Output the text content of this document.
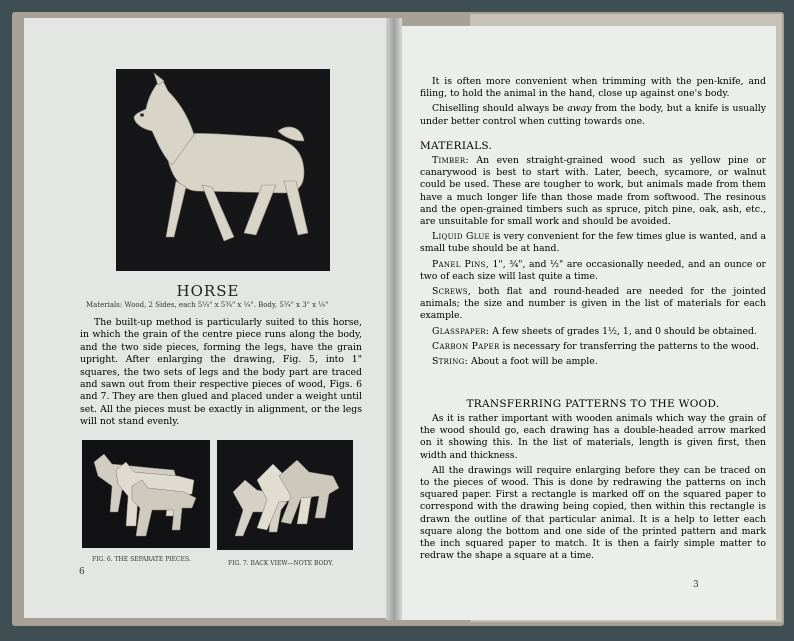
HORSE
Materials: Wood, 2 Sides, each 5¼" x 5¾" x ¼". Body, 5¾" x 3" x ¼"

The built-up method is particularly suited to this horse, in which the grain of the centre piece runs along the body, and the two side pieces, forming the legs, have the grain upright. After enlarging the drawing, Fig. 5, into 1" squares, the two sets of legs and the body part are traced and sawn out from their respective pieces of wood, Figs. 6 and 7. They are then glued and placed under a weight until set. All the pieces must be exactly in alignment, or the legs will not stand evenly.

FIG. 6. THE SEPARATE PIECES.
FIG. 7. BACK VIEW—NOTE BODY.
6

It is often more convenient when trimming with the pen-knife, and filing, to hold the animal in the hand, close up against one's body.

Chiselling should always be away from the body, but a knife is usually under better control when cutting towards one.

MATERIALS.

Timber: An even straight-grained wood such as yellow pine or canarywood is best to start with. Later, beech, sycamore, or walnut could be used. These are tougher to work, but animals made from them have a much longer life than those made from softwood. The resinous and the open-grained timbers such as spruce, pitch pine, oak, ash, etc., are unsuitable for small work and should be avoided.

Liquid Glue is very convenient for the few times glue is wanted, and a small tube should be at hand.

Panel Pins, 1", ¾", and ½" are occasionally needed, and an ounce or two of each size will last quite a time.

Screws, both flat and round-headed are needed for the jointed animals; the size and number is given in the list of materials for each example.

Glasspaper: A few sheets of grades 1½, 1, and 0 should be obtained.

Carbon Paper is necessary for transferring the patterns to the wood.

String: About a foot will be ample.

TRANSFERRING PATTERNS TO THE WOOD.

As it is rather important with wooden animals which way the grain of the wood should go, each drawing has a double-headed arrow marked on it showing this. In the list of materials, length is given first, then width and thickness.

All the drawings will require enlarging before they can be traced on to the pieces of wood. This is done by redrawing the patterns on inch squared paper. First a rectangle is marked off on the squared paper to correspond with the drawing being copied, then within this rectangle is drawn the outline of that particular animal. It is a help to letter each square along the bottom and one side of the printed pattern and mark the inch squared paper to match. It is then a fairly simple matter to redraw the shape a square at a time.

3
